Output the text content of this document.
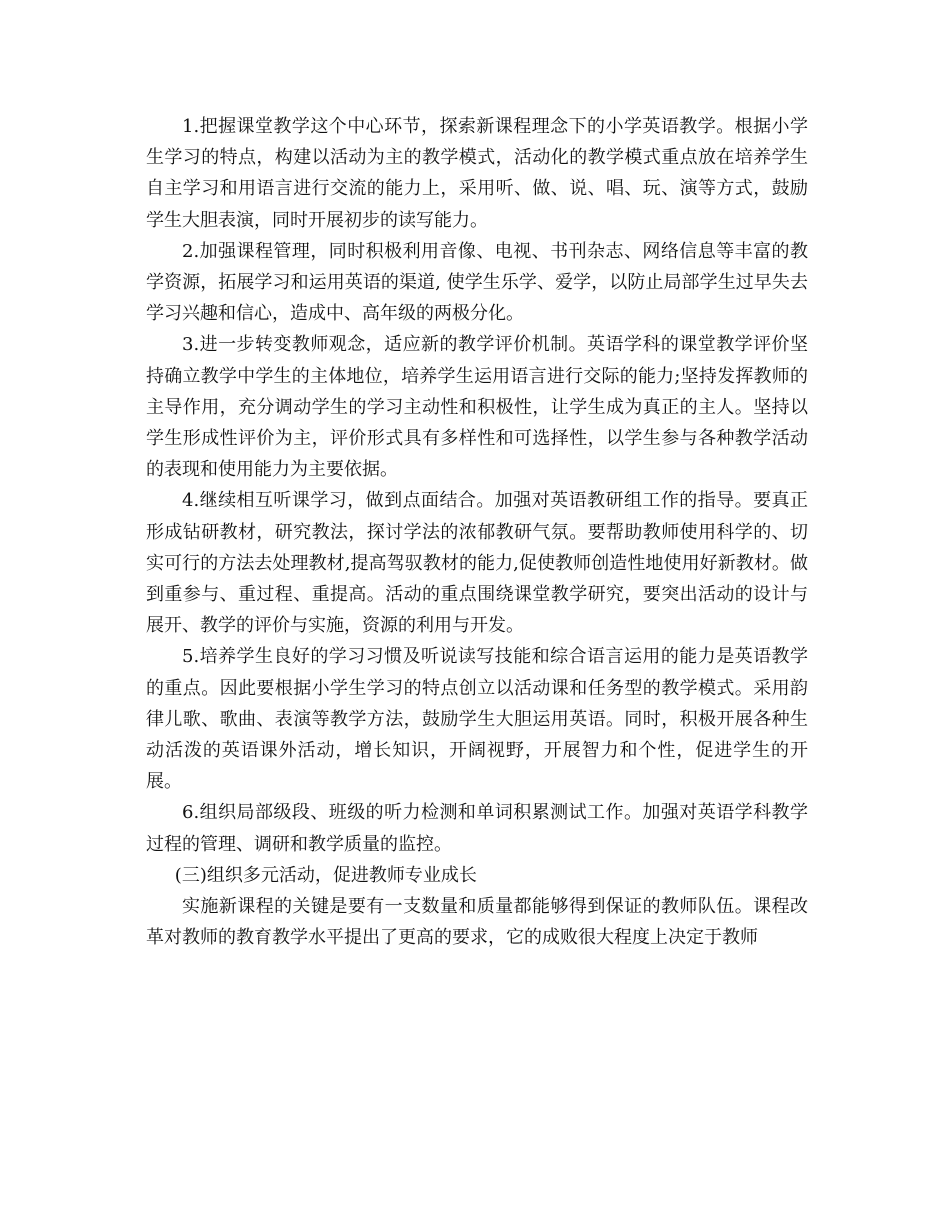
1.把握课堂教学这个中心环节，探索新课程理念下的小学英语教学。根据小学生学习的特点，构建以活动为主的教学模式，活动化的教学模式重点放在培养学生自主学习和用语言进行交流的能力上，采用听、做、说、唱、玩、演等方式，鼓励学生大胆表演，同时开展初步的读写能力。

2.加强课程管理，同时积极利用音像、电视、书刊杂志、网络信息等丰富的教学资源，拓展学习和运用英语的渠道, 使学生乐学、爱学，以防止局部学生过早失去学习兴趣和信心，造成中、高年级的两极分化。

3.进一步转变教师观念，适应新的教学评价机制。英语学科的课堂教学评价坚持确立教学中学生的主体地位，培养学生运用语言进行交际的能力;坚持发挥教师的主导作用，充分调动学生的学习主动性和积极性，让学生成为真正的主人。坚持以学生形成性评价为主，评价形式具有多样性和可选择性，以学生参与各种教学活动的表现和使用能力为主要依据。

4.继续相互听课学习，做到点面结合。加强对英语教研组工作的指导。要真正形成钻研教材，研究教法，探讨学法的浓郁教研气氛。要帮助教师使用科学的、切实可行的方法去处理教材,提高驾驭教材的能力,促使教师创造性地使用好新教材。做到重参与、重过程、重提高。活动的重点围绕课堂教学研究，要突出活动的设计与展开、教学的评价与实施，资源的利用与开发。

5.培养学生良好的学习习惯及听说读写技能和综合语言运用的能力是英语教学的重点。因此要根据小学生学习的特点创立以活动课和任务型的教学模式。采用韵律儿歌、歌曲、表演等教学方法，鼓励学生大胆运用英语。同时，积极开展各种生动活泼的英语课外活动，增长知识，开阔视野，开展智力和个性，促进学生的开展。

6.组织局部级段、班级的听力检测和单词积累测试工作。加强对英语学科教学过程的管理、调研和教学质量的监控。

(三)组织多元活动，促进教师专业成长

实施新课程的关键是要有一支数量和质量都能够得到保证的教师队伍。课程改革对教师的教育教学水平提出了更高的要求，它的成败很大程度上决定于教师
